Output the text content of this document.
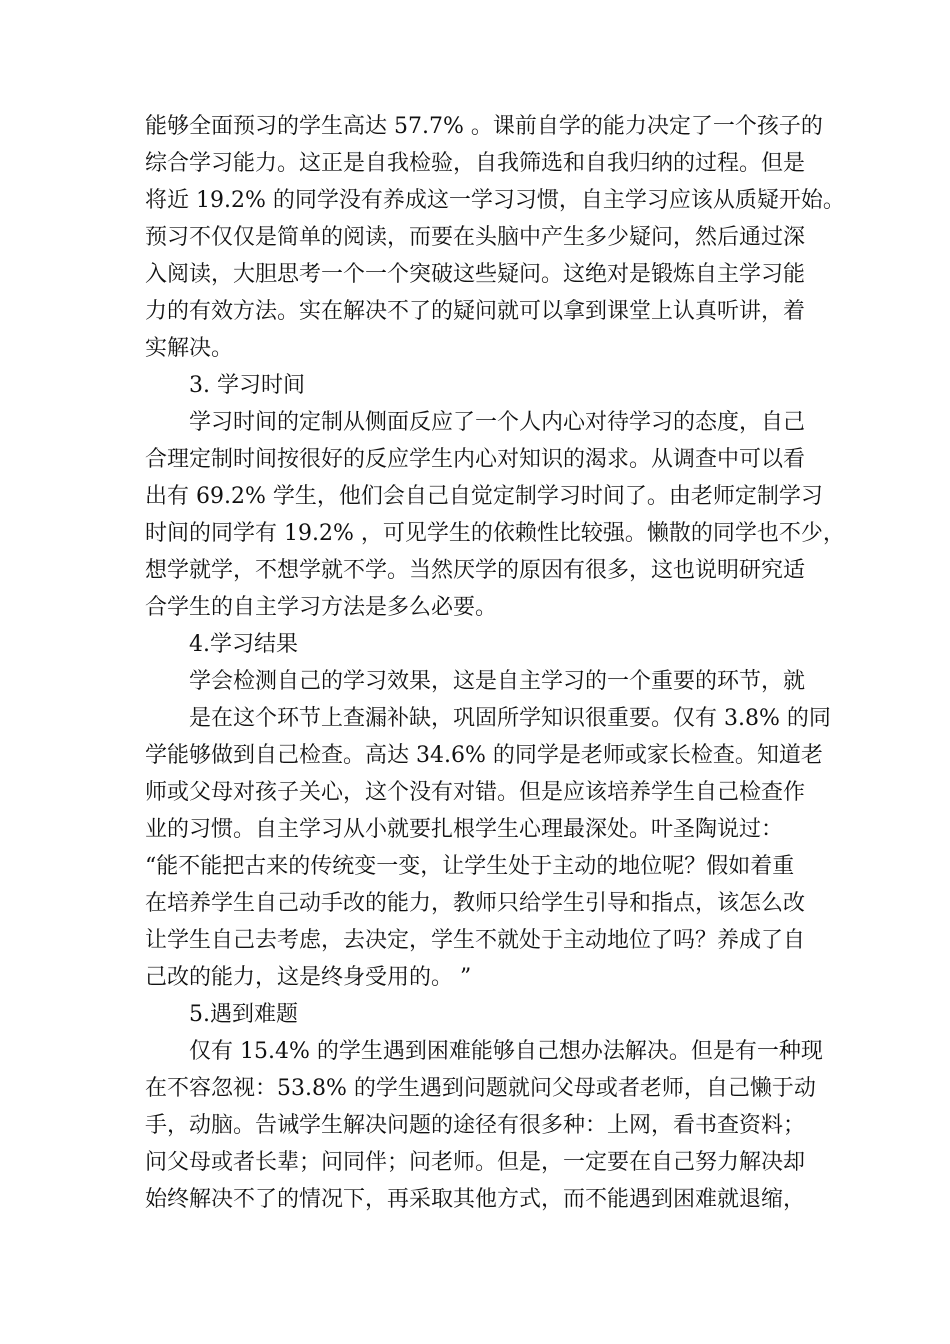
能够全面预习的学生高达 57.7% 。课前自学的能力决定了一个孩子的
综合学习能力。这正是自我检验，自我筛选和自我归纳的过程。但是
将近 19.2% 的同学没有养成这一学习习惯，自主学习应该从质疑开始。
预习不仅仅是简单的阅读，而要在头脑中产生多少疑问，然后通过深
入阅读，大胆思考一个一个突破这些疑问。这绝对是锻炼自主学习能
力的有效方法。实在解决不了的疑问就可以拿到课堂上认真听讲，着
实解决。
3. 学习时间
学习时间的定制从侧面反应了一个人内心对待学习的态度，自己
合理定制时间按很好的反应学生内心对知识的渴求。从调查中可以看
出有 69.2% 学生，他们会自己自觉定制学习时间了。由老师定制学习
时间的同学有 19.2% ，可见学生的依赖性比较强。懒散的同学也不少，
想学就学，不想学就不学。当然厌学的原因有很多，这也说明研究适
合学生的自主学习方法是多么必要。
4.学习结果
学会检测自己的学习效果，这是自主学习的一个重要的环节，就
是在这个环节上查漏补缺，巩固所学知识很重要。仅有 3.8% 的同
学能够做到自己检查。高达 34.6% 的同学是老师或家长检查。知道老
师或父母对孩子关心，这个没有对错。但是应该培养学生自己检查作
业的习惯。自主学习从小就要扎根学生心理最深处。叶圣陶说过：
“能不能把古来的传统变一变，让学生处于主动的地位呢？假如着重
在培养学生自己动手改的能力，教师只给学生引导和指点，该怎么改
让学生自己去考虑，去决定，学生不就处于主动地位了吗？养成了自
己改的能力，这是终身受用的。 ”
5.遇到难题
仅有 15.4% 的学生遇到困难能够自己想办法解决。但是有一种现
在不容忽视：53.8% 的学生遇到问题就问父母或者老师，自己懒于动
手，动脑。告诫学生解决问题的途径有很多种：上网，看书查资料；
问父母或者长辈；问同伴；问老师。但是，一定要在自己努力解决却
始终解决不了的情况下，再采取其他方式，而不能遇到困难就退缩，
